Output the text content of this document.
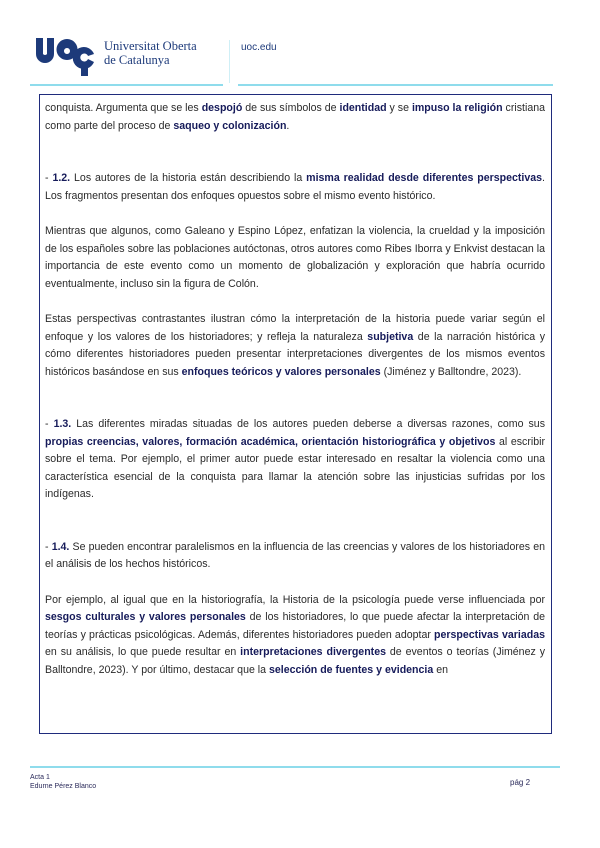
Universitat Oberta
de Catalunya
uoc.edu

conquista. Argumenta que se les despojó de sus símbolos de identidad y se impuso la religión cristiana como parte del proceso de saqueo y colonización.

- 1.2. Los autores de la historia están describiendo la misma realidad desde diferentes perspectivas. Los fragmentos presentan dos enfoques opuestos sobre el mismo evento histórico.

Mientras que algunos, como Galeano y Espino López, enfatizan la violencia, la crueldad y la imposición de los españoles sobre las poblaciones autóctonas, otros autores como Ribes Iborra y Enkvist destacan la importancia de este evento como un momento de globalización y exploración que habría ocurrido eventualmente, incluso sin la figura de Colón.

Estas perspectivas contrastantes ilustran cómo la interpretación de la historia puede variar según el enfoque y los valores de los historiadores; y refleja la naturaleza subjetiva de la narración histórica y cómo diferentes historiadores pueden presentar interpretaciones divergentes de los mismos eventos históricos basándose en sus enfoques teóricos y valores personales (Jiménez y Balltondre, 2023).

- 1.3. Las diferentes miradas situadas de los autores pueden deberse a diversas razones, como sus propias creencias, valores, formación académica, orientación historiográfica y objetivos al escribir sobre el tema. Por ejemplo, el primer autor puede estar interesado en resaltar la violencia como una característica esencial de la conquista para llamar la atención sobre las injusticias sufridas por los indígenas.

- 1.4. Se pueden encontrar paralelismos en la influencia de las creencias y valores de los historiadores en el análisis de los hechos históricos.

Por ejemplo, al igual que en la historiografía, la Historia de la psicología puede verse influenciada por sesgos culturales y valores personales de los historiadores, lo que puede afectar la interpretación de teorías y prácticas psicológicas. Además, diferentes historiadores pueden adoptar perspectivas variadas en su análisis, lo que puede resultar en interpretaciones divergentes de eventos o teorías (Jiménez y Balltondre, 2023). Y por último, destacar que la selección de fuentes y evidencia en

Acta 1
Edurne Pérez Blanco	pág 2
